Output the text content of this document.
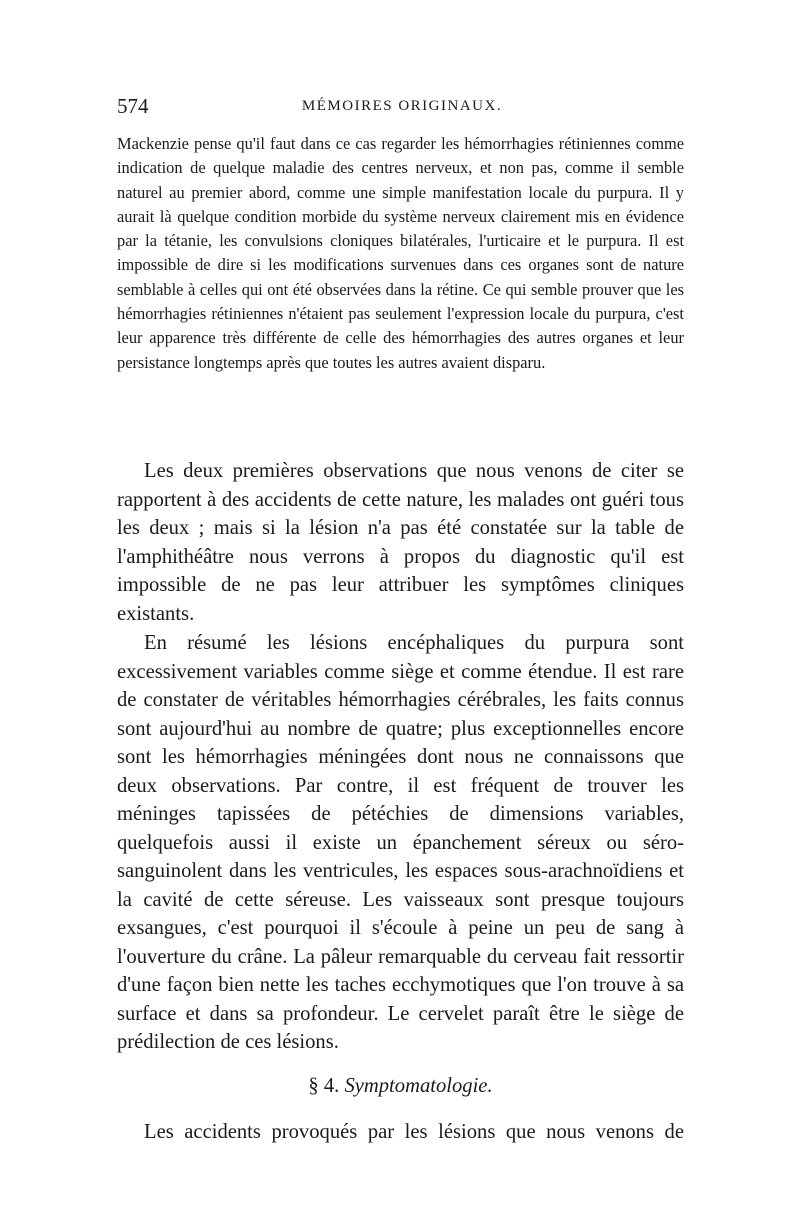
574	MÉMOIRES ORIGINAUX.

Mackenzie pense qu'il faut dans ce cas regarder les hémorrhagies rétiniennes comme indication de quelque maladie des centres nerveux, et non pas, comme il semble naturel au premier abord, comme une simple manifestation locale du purpura. Il y aurait là quelque condition morbide du système nerveux clairement mis en évidence par la tétanie, les convulsions cloniques bilatérales, l'urticaire et le purpura. Il est impossible de dire si les modifications survenues dans ces organes sont de nature semblable à celles qui ont été observées dans la rétine. Ce qui semble prouver que les hémorrhagies rétiniennes n'étaient pas seulement l'expression locale du purpura, c'est leur apparence très différente de celle des hémorrhagies des autres organes et leur persistance longtemps après que toutes les autres avaient disparu.

Les deux premières observations que nous venons de citer se rapportent à des accidents de cette nature, les malades ont guéri tous les deux ; mais si la lésion n'a pas été constatée sur la table de l'amphithéâtre nous verrons à propos du diagnostic qu'il est impossible de ne pas leur attribuer les symptômes cliniques existants.

En résumé les lésions encéphaliques du purpura sont excessivement variables comme siège et comme étendue. Il est rare de constater de véritables hémorrhagies cérébrales, les faits connus sont aujourd'hui au nombre de quatre; plus exceptionnelles encore sont les hémorrhagies méningées dont nous ne connaissons que deux observations. Par contre, il est fréquent de trouver les méninges tapissées de pétéchies de dimensions variables, quelquefois aussi il existe un épanchement séreux ou séro-sanguinolent dans les ventricules, les espaces sous-arachnoïdiens et la cavité de cette séreuse. Les vaisseaux sont presque toujours exsangues, c'est pourquoi il s'écoule à peine un peu de sang à l'ouverture du crâne. La pâleur remarquable du cerveau fait ressortir d'une façon bien nette les taches ecchymotiques que l'on trouve à sa surface et dans sa profondeur. Le cervelet paraît être le siège de prédilection de ces lésions.

§ 4. Symptomatologie.

Les accidents provoqués par les lésions que nous venons de
